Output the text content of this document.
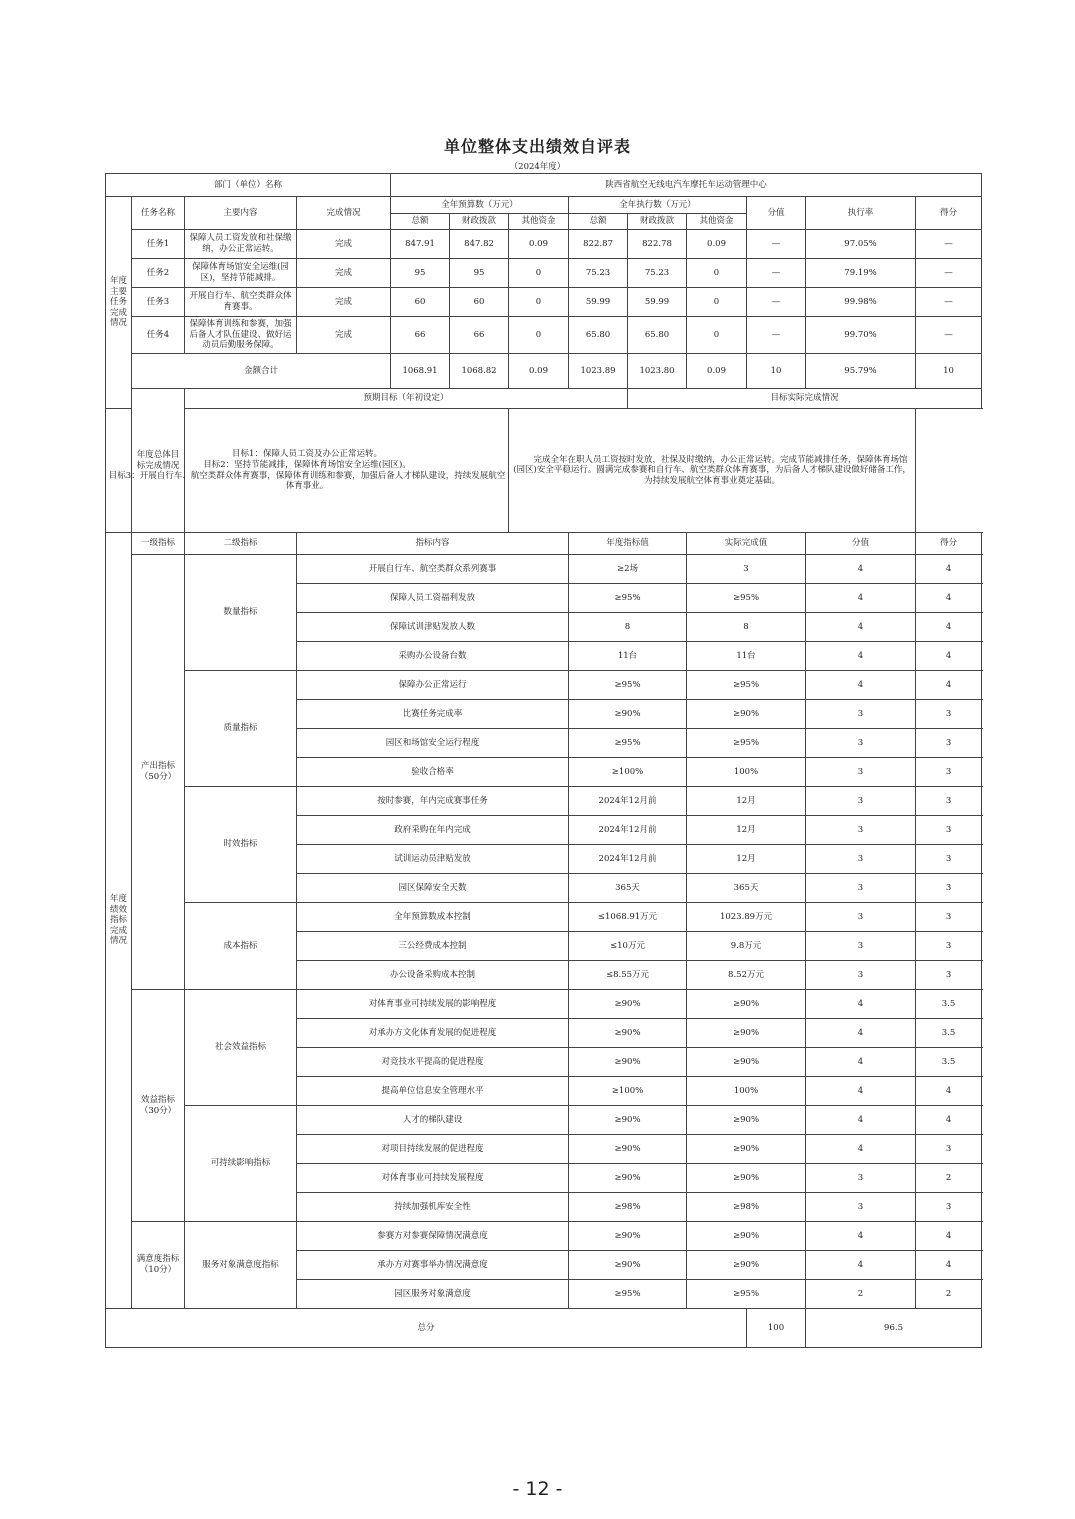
单位整体支出绩效自评表
（2024年度）
部门（单位）名称				陕西省航空无线电汽车摩托车运动管理中心								
年度主要任务完成情况	任务名称	主要内容	完成情况	全年预算数（万元）			全年执行数（万元）			分值	执行率	得分
				总额	财政拨款	其他资金	总额	财政拨款	其他资金			
	任务1	保障人员工资发放和社保缴纳，办公正常运转。	完成	847.91	847.82	0.09	822.87	822.78	0.09	—	97.05%	—
	任务2	保障体育场馆安全运维(园区)，坚持节能减排。	完成	95	95	0	75.23	75.23	0	—	79.19%	—
	任务3	开展自行车、航空类群众体育赛事。	完成	60	60	0	59.99	59.99	0	—	99.98%	—
	任务4	保障体育训练和参赛，加强后备人才队伍建设、做好运动员后勤服务保障。	完成	66	66	0	65.80	65.80	0	—	99.70%	—
	金额合计			1068.91	1068.82	0.09	1023.89	1023.80	0.09	10	95.79%	10
	年度总体目标完成情况	预期目标（年初设定）						目标实际完成情况				

目标1：保障人员工资及办公正常运转。
目标2：坚持节能减排，保障体育场馆安全运维(园区)。
目标3：开展自行车、航空类群众体育赛事，保障体育训练和参赛，加强后备人才梯队建设，持续发展航空体育事业。						完成全年在职人员工资按时发放，社保及时缴纳，办公正常运转。完成节能减排任务，保障体育场馆(园区)安全平稳运行。圆满完成参赛和自行车、航空类群众体育赛事，为后备人才梯队建设做好储备工作，为持续发展航空体育事业奠定基础。						
年度绩效指标完成情况	一级指标	二级指标	指标内容				年度指标值		实际完成值		分值	得分
	产出指标（50分）	数量指标	开展自行车、航空类群众系列赛事				≥2场		3		4	4
			保障人员工资福利发放				≥95%		≥95%		4	4
			保障试训津贴发放人数				8		8		4	4
			采购办公设备台数				11台		11台		4	4
		质量指标	保障办公正常运行				≥95%		≥95%		4	4
			比赛任务完成率				≥90%		≥90%		3	3
			园区和场馆安全运行程度				≥95%		≥95%		3	3
			验收合格率				≥100%		100%		3	3
		时效指标	按时参赛，年内完成赛事任务				2024年12月前		12月		3	3
			政府采购在年内完成				2024年12月前		12月		3	3
			试训运动员津贴发放				2024年12月前		12月		3	3
			园区保障安全天数				365天		365天		3	3
		成本指标	全年预算数成本控制				≤1068.91万元		1023.89万元		3	3
			三公经费成本控制				≤10万元		9.8万元		3	3
			办公设备采购成本控制				≤8.55万元		8.52万元		3	3
	效益指标（30分）	社会效益指标	对体育事业可持续发展的影响程度				≥90%		≥90%		4	3.5
			对承办方文化体育发展的促进程度				≥90%		≥90%		4	3.5
			对竞技水平提高的促进程度				≥90%		≥90%		4	3.5
			提高单位信息安全管理水平				≥100%		100%		4	4
		可持续影响指标	人才的梯队建设				≥90%		≥90%		4	4
			对项目持续发展的促进程度				≥90%		≥90%		4	3
			对体育事业可持续发展程度				≥90%		≥90%		3	2
			持续加强机库安全性				≥98%		≥98%		3	3
	满意度指标（10分）	服务对象满意度指标	参赛方对参赛保障情况满意度				≥90%		≥90%		4	4
			承办方对赛事举办情况满意度				≥90%		≥90%		4	4
			园区服务对象满意度				≥95%		≥95%		2	2
总分										100	96.5	
- 12 -
